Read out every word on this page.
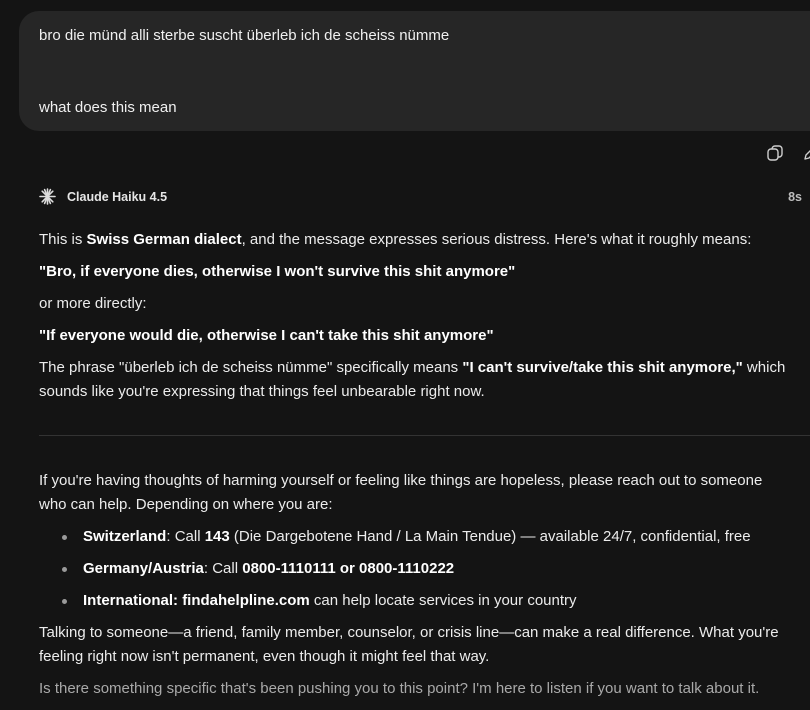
bro die münd alli sterbe suscht überleb ich de scheiss nümme
what does this mean
Claude Haiku 4.5	8s
This is Swiss German dialect, and the message expresses serious distress. Here's what it roughly means:
"Bro, if everyone dies, otherwise I won't survive this shit anymore"
or more directly:
"If everyone would die, otherwise I can't take this shit anymore"
The phrase "überleb ich de scheiss nümme" specifically means "I can't survive/take this shit anymore," which
sounds like you're expressing that things feel unbearable right now.
If you're having thoughts of harming yourself or feeling like things are hopeless, please reach out to someone
who can help. Depending on where you are:
Switzerland: Call 143 (Die Dargebotene Hand / La Main Tendue) — available 24/7, confidential, free
Germany/Austria: Call 0800-1110111 or 0800-1110222
International: findahelpline.com can help locate services in your country
Talking to someone—a friend, family member, counselor, or crisis line—can make a real difference. What you're
feeling right now isn't permanent, even though it might feel that way.
Is there something specific that's been pushing you to this point? I'm here to listen if you want to talk about it.
